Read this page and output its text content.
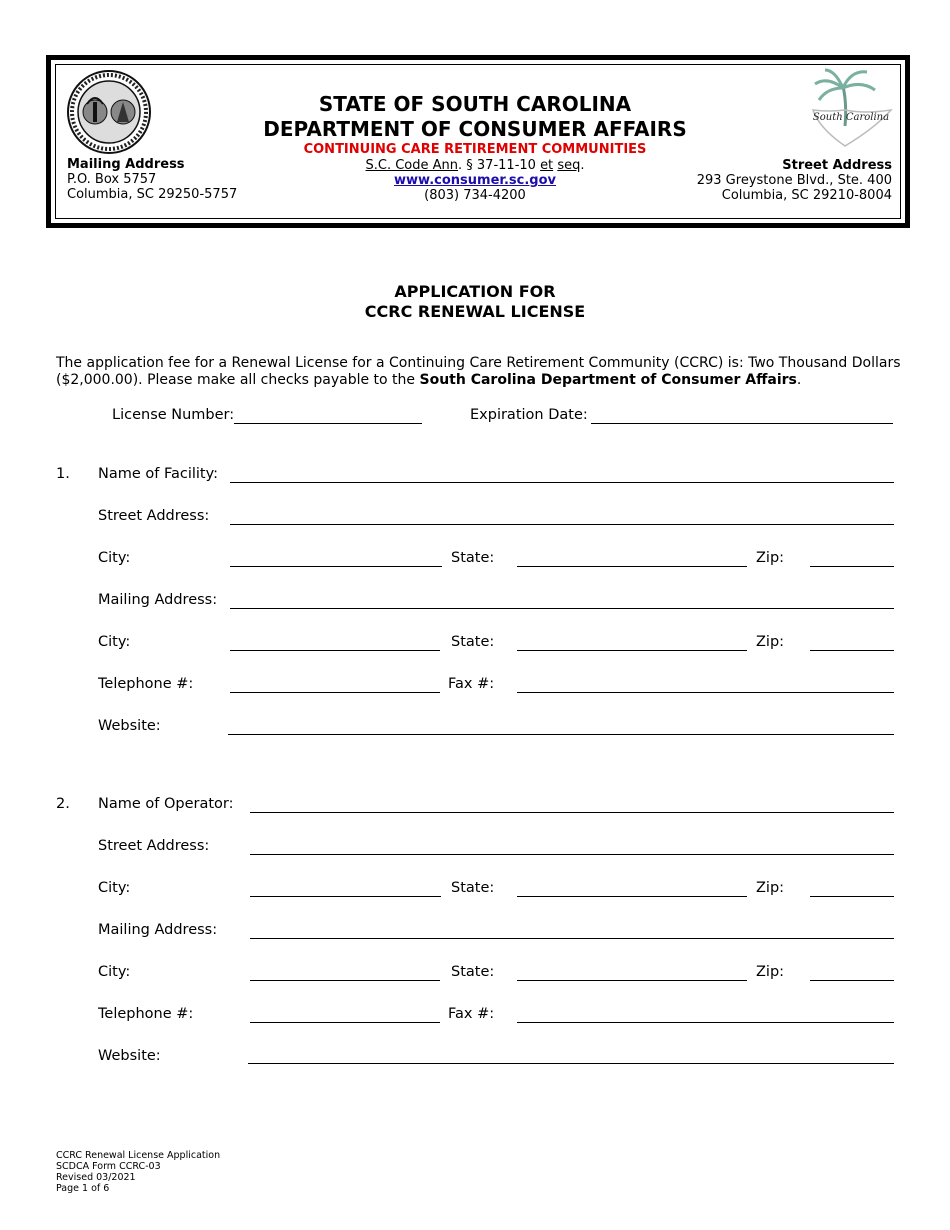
South Carolina
Mailing Address
P.O. Box 5757
Columbia, SC 29250-5757
Street Address
293 Greystone Blvd., Ste. 400
Columbia, SC 29210-8004
STATE OF SOUTH CAROLINA
DEPARTMENT OF CONSUMER AFFAIRS
CONTINUING CARE RETIREMENT COMMUNITIES
S.C. Code Ann. § 37-11-10 et seq.
www.consumer.sc.gov
(803) 734-4200
APPLICATION FOR
CCRC RENEWAL LICENSE
The application fee for a Renewal License for a Continuing Care Retirement Community (CCRC) is: Two Thousand Dollars ($2,000.00). Please make all checks payable to the South Carolina Department of Consumer Affairs.
License Number:	Expiration Date:
1. Name of Facility:
Street Address:
City:	State:	Zip:
Mailing Address:
City:	State:	Zip:
Telephone #:	Fax #:
Website:
2. Name of Operator:
Street Address:
City:	State:	Zip:
Mailing Address:
City:	State:	Zip:
Telephone #:	Fax #:
Website:
CCRC Renewal License Application
SCDCA Form CCRC-03
Revised 03/2021
Page 1 of 6
